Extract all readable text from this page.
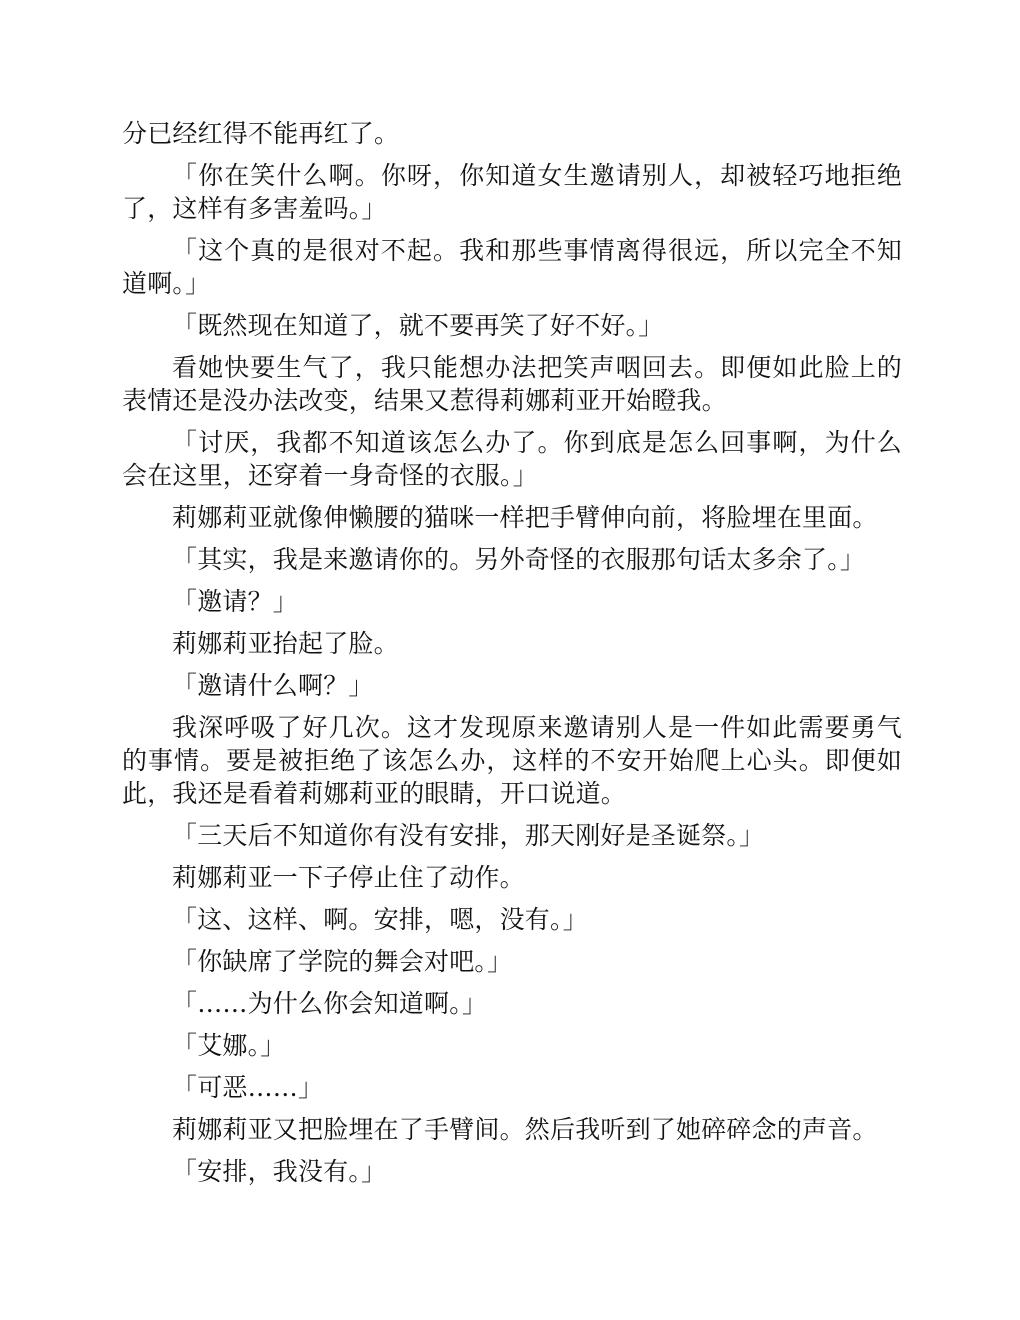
分已经红得不能再红了。

「你在笑什么啊。你呀，你知道女生邀请别人，却被轻巧地拒绝了，这样有多害羞吗。」

「这个真的是很对不起。我和那些事情离得很远，所以完全不知道啊。」

「既然现在知道了，就不要再笑了好不好。」

看她快要生气了，我只能想办法把笑声咽回去。即便如此脸上的表情还是没办法改变，结果又惹得莉娜莉亚开始瞪我。

「讨厌，我都不知道该怎么办了。你到底是怎么回事啊，为什么会在这里，还穿着一身奇怪的衣服。」

莉娜莉亚就像伸懒腰的猫咪一样把手臂伸向前，将脸埋在里面。

「其实，我是来邀请你的。另外奇怪的衣服那句话太多余了。」

「邀请？」

莉娜莉亚抬起了脸。

「邀请什么啊？」

我深呼吸了好几次。这才发现原来邀请别人是一件如此需要勇气的事情。要是被拒绝了该怎么办，这样的不安开始爬上心头。即便如此，我还是看着莉娜莉亚的眼睛，开口说道。

「三天后不知道你有没有安排，那天刚好是圣诞祭。」

莉娜莉亚一下子停止住了动作。

「这、这样、啊。安排，嗯，没有。」

「你缺席了学院的舞会对吧。」

「……为什么你会知道啊。」

「艾娜。」

「可恶……」

莉娜莉亚又把脸埋在了手臂间。然后我听到了她碎碎念的声音。

「安排，我没有。」
